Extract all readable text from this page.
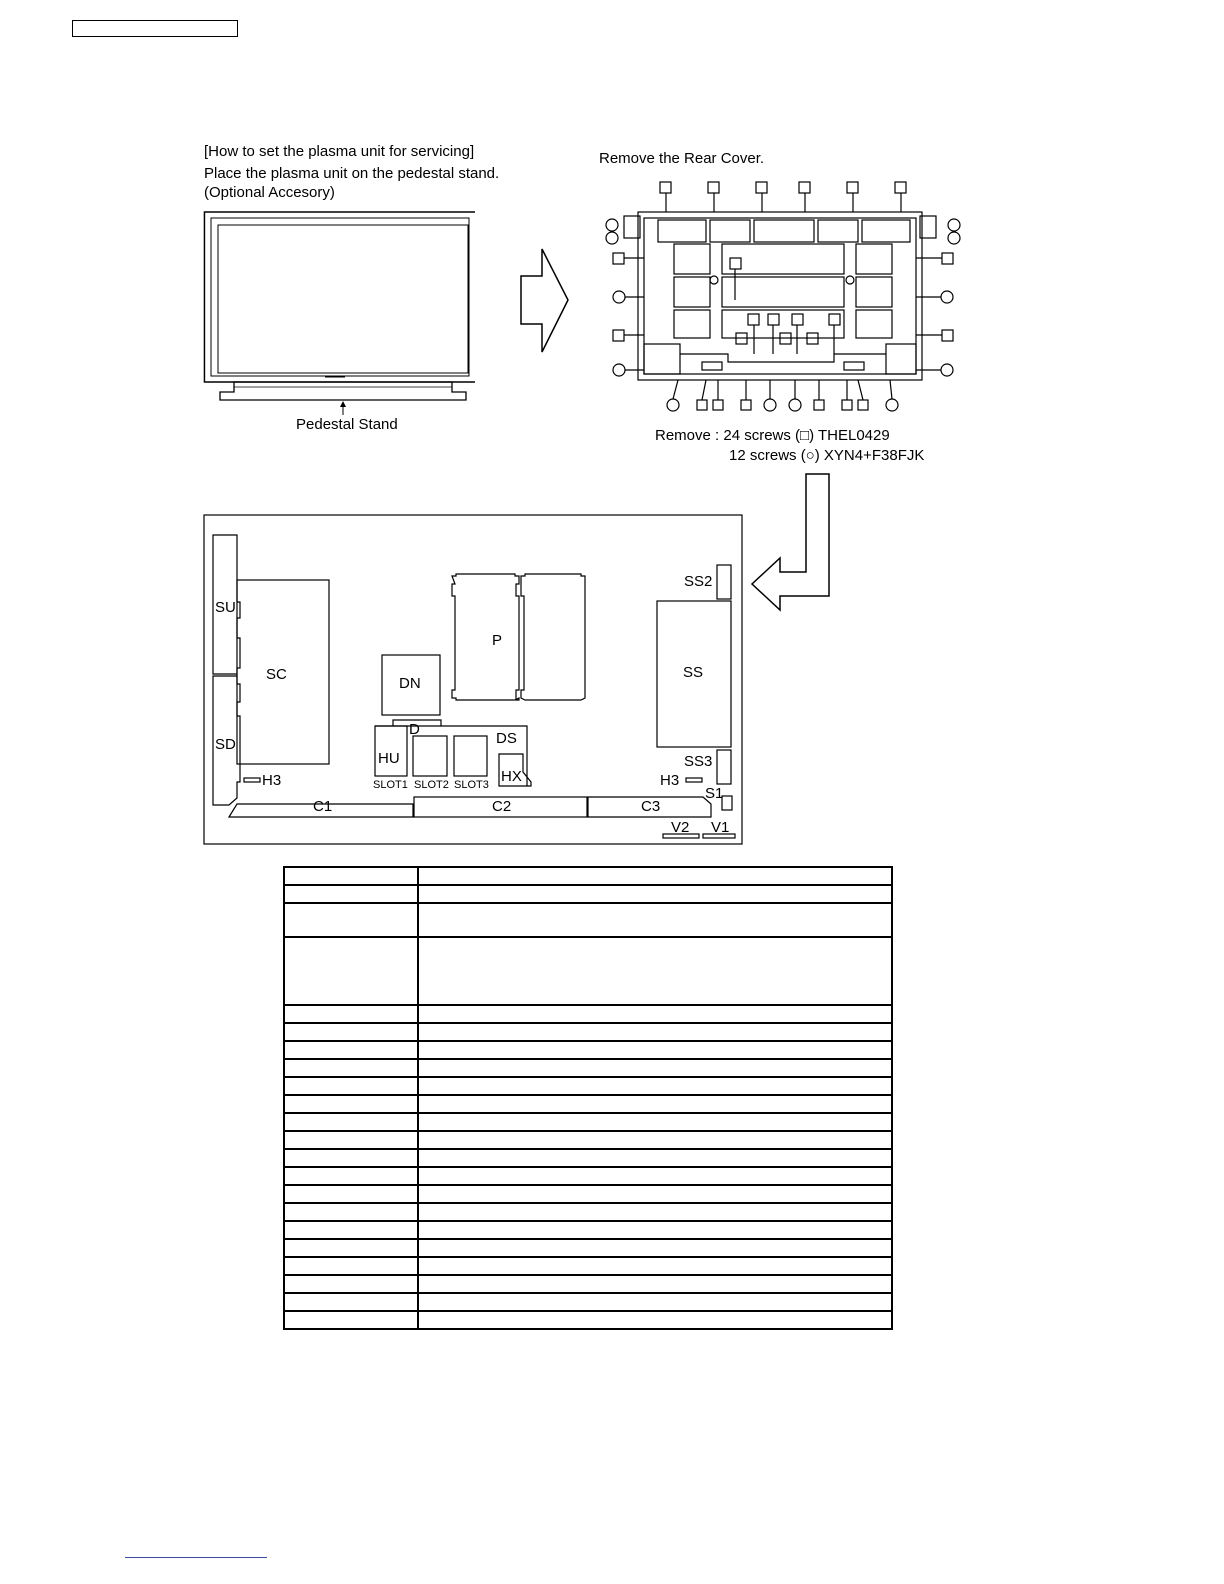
[How to set the plasma unit for servicing]
Place the plasma unit on the pedestal stand.
(Optional Accesory)
Remove the Rear Cover.
Pedestal Stand
Remove : 24 screws (□) THEL0429
12 screws (○) XYN4+F38FJK
SU
SD
SC
DN
P
D
DS
HU
HX
SS
SS2
SS3
H3	H3
S1
C1	C2	C3
V2 V1
SLOT1 SLOT2 SLOT3
